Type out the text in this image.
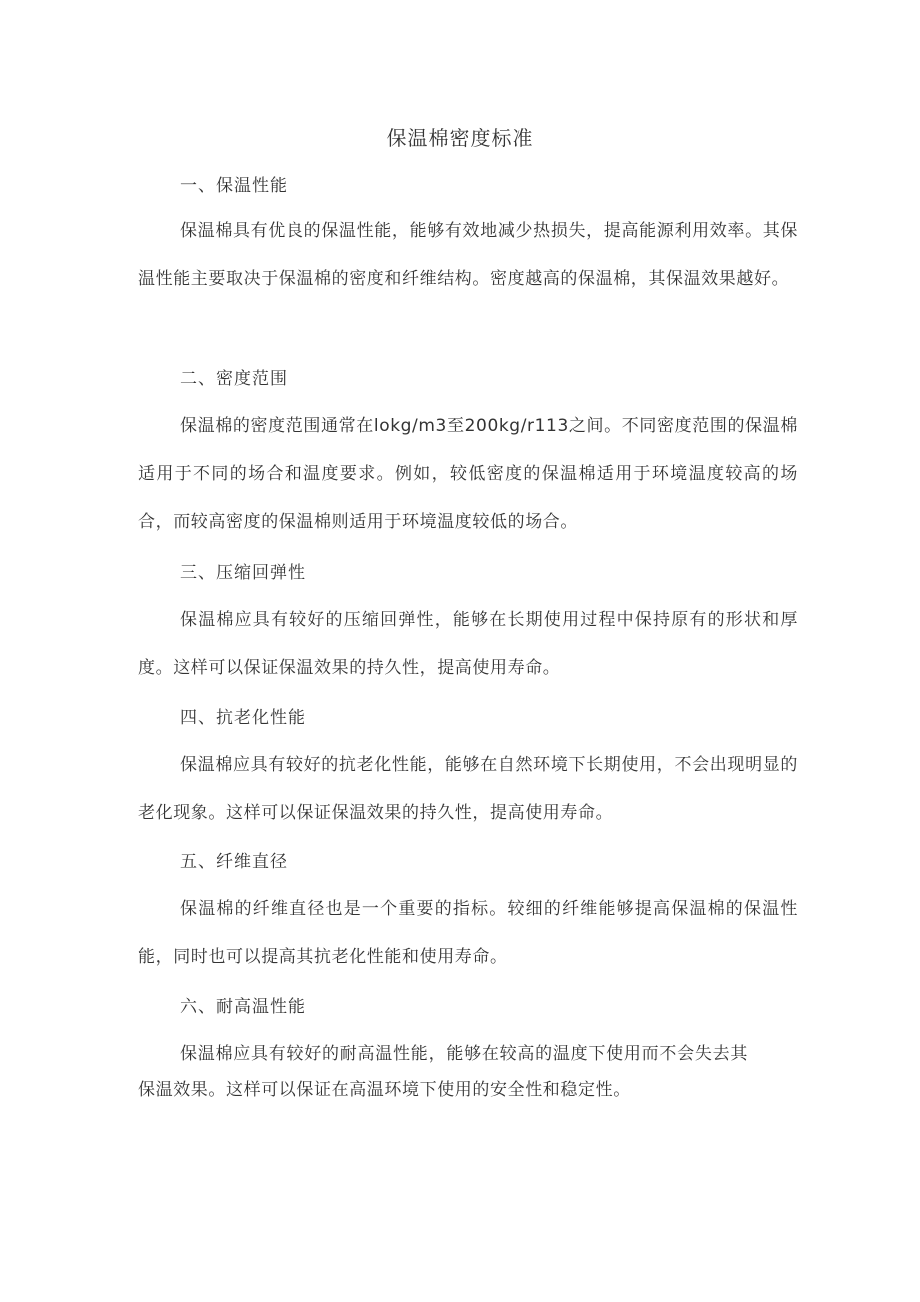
保温棉密度标准
一、保温性能

保温棉具有优良的保温性能，能够有效地减少热损失，提高能源利用效率。其保温性能主要取决于保温棉的密度和纤维结构。密度越高的保温棉，其保温效果越好。

二、密度范围

保温棉的密度范围通常在lokg/m3至200kg/r113之间。不同密度范围的保温棉适用于不同的场合和温度要求。例如，较低密度的保温棉适用于环境温度较高的场合，而较高密度的保温棉则适用于环境温度较低的场合。

三、压缩回弹性

保温棉应具有较好的压缩回弹性，能够在长期使用过程中保持原有的形状和厚度。这样可以保证保温效果的持久性，提高使用寿命。

四、抗老化性能

保温棉应具有较好的抗老化性能，能够在自然环境下长期使用，不会出现明显的老化现象。这样可以保证保温效果的持久性，提高使用寿命。

五、纤维直径

保温棉的纤维直径也是一个重要的指标。较细的纤维能够提高保温棉的保温性能，同时也可以提高其抗老化性能和使用寿命。

六、耐高温性能

保温棉应具有较好的耐高温性能，能够在较高的温度下使用而不会失去其保温效果。这样可以保证在高温环境下使用的安全性和稳定性。
